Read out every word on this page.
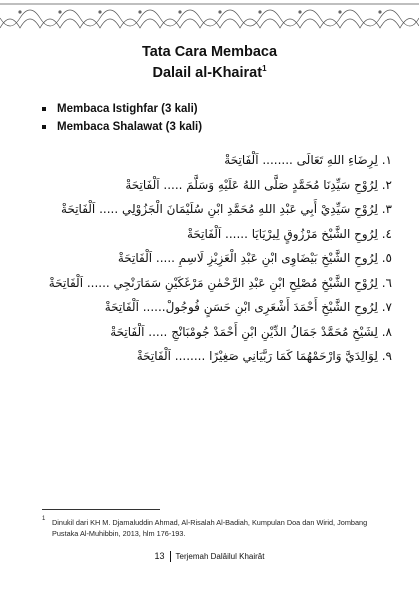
Tata Cara Membaca
Dalail al-Khairat$^1$
Membaca Istighfar (3 kali)
Membaca Shalawat (3 kali)
١. لِرِضَاءِ اللهِ تَعَالَى ........ اَلْفَاتِحَةْ
٢. لِرُوْحِ سَيِّدِنَا مُحَمَّدٍ صَلَّى اللهُ عَلَيْهِ وَسَلَّمَ ..... اَلْفَاتِحَةْ
٣. لِرُوْحِ سَيِّدِيْ أَبِي عَبْدِ اللهِ مُحَمَّدِ ابْنِ سُلَيْمَانَ الْجَزُوْلِي ..... اَلْفَاتِحَةْ
٤. لِرُوحِ الشَّيْخ مَرْزُوقٍ لِيرْيَايَا ...... اَلْفَاتِحَةْ
٥. لِرُوحِ الشَّيْخِ بَيْضَاوِى ابْنِ عَبْدِ الْعَزِيْزِ لَاسِمِ ..... اَلْفَاتِحَةْ
٦. لِرُوْحِ الشَّيْخِ مُصْلِحِ ابْنِ عَبْدِ الرَّحْمٰنِ مَرْغَكَيْنِ سَمَارَنْجِي ...... اَلْفَاتِحَةْ
٧. لِرُوحِ الشَّيْخِ أَحْمَدَ أَشْعَرِى ابْنِ حَسَنٍ فُوجُولْ...... اَلْفَاتِحَةْ
٨. لِشَيْخِ مُحَمَّدْ جَمَالُ الدِّيْنِ ابْنِ أَحْمَدْ جُومْبَانْجِ ..... اَلْفَاتِحَةْ
٩. لِوَالِدَيَّ وَارْحَمْهُمَا كَمَا رَبَّيَانِي صَغِيْرًا ........ اَلْفَاتِحَةْ
1 Dinukil dari KH M. Djamaluddin Ahmad, Al-Risalah Al-Badiah, Kumpulan Doa dan Wirid, Jombang Pustaka Al-Muhibbin, 2013, hlm 176-193.
13 Terjemah Dalâilul Khairât
